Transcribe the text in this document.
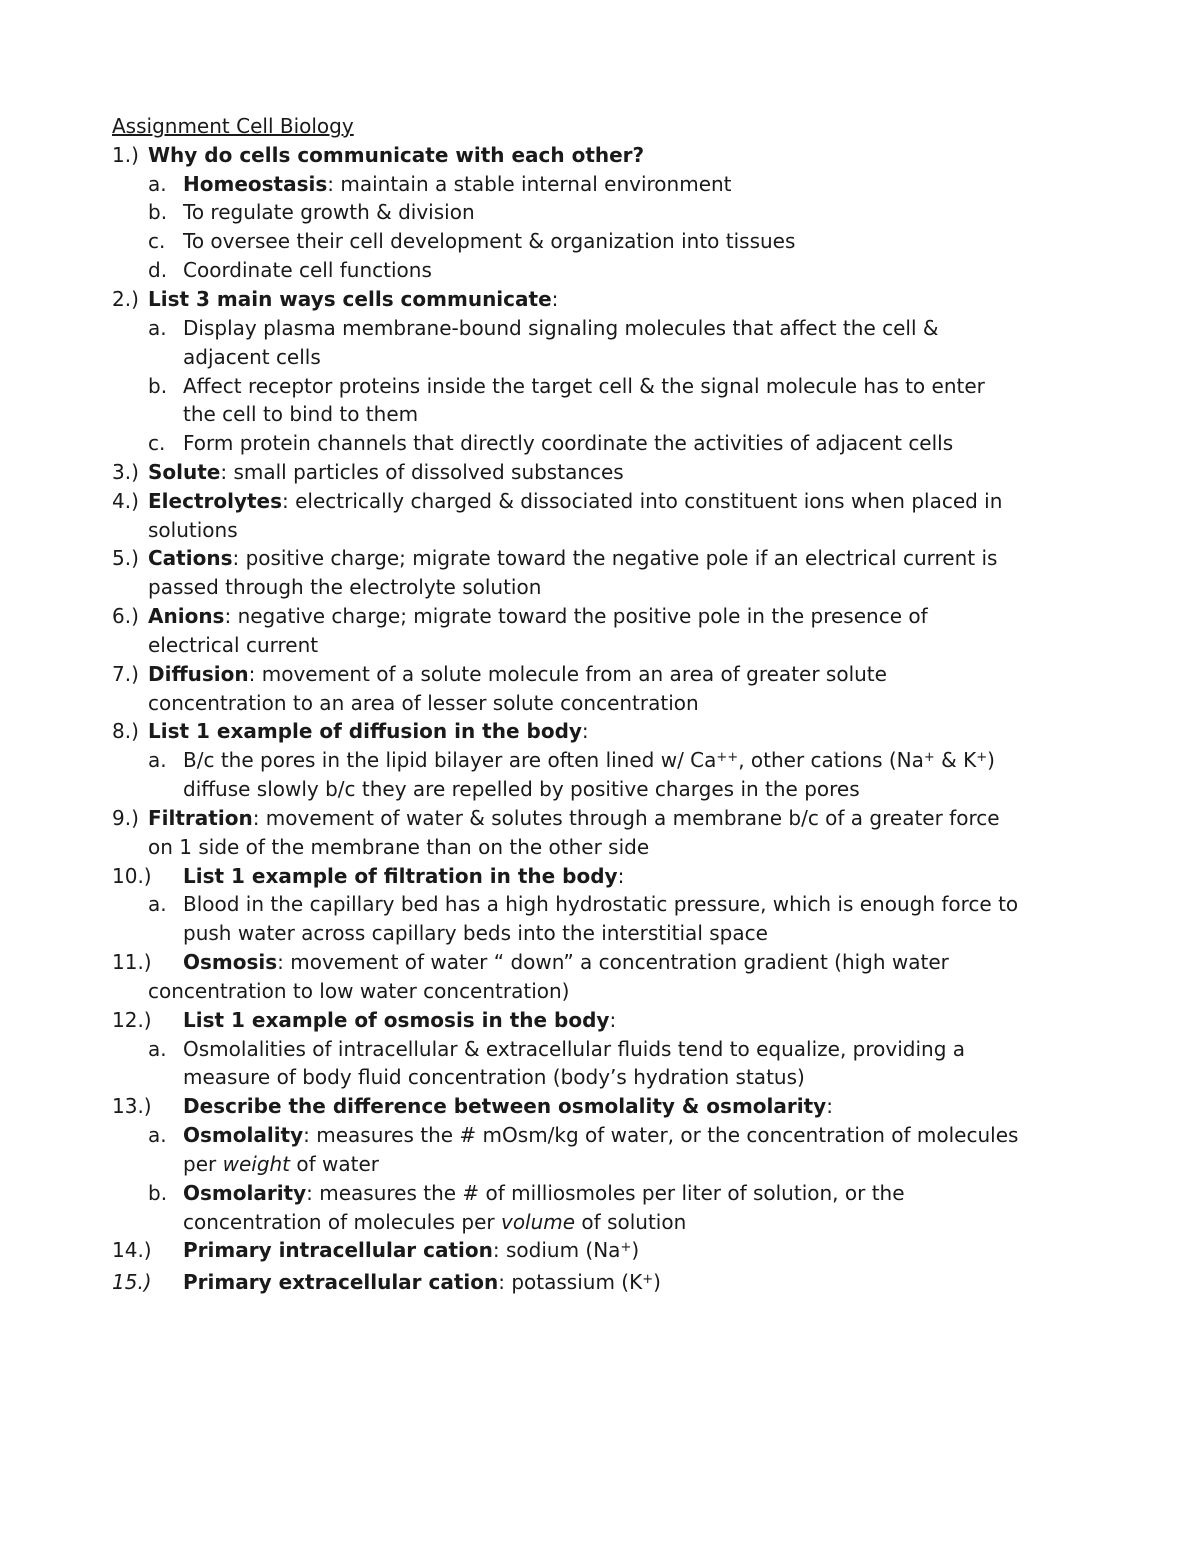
Assignment Cell Biology
1.) Why do cells communicate with each other?
a. Homeostasis: maintain a stable internal environment
b. To regulate growth & division
c. To oversee their cell development & organization into tissues
d. Coordinate cell functions
2.) List 3 main ways cells communicate:
a. Display plasma membrane-bound signaling molecules that affect the cell &
adjacent cells
b. Affect receptor proteins inside the target cell & the signal molecule has to enter
the cell to bind to them
c. Form protein channels that directly coordinate the activities of adjacent cells
3.) Solute: small particles of dissolved substances
4.) Electrolytes: electrically charged & dissociated into constituent ions when placed in
solutions
5.) Cations: positive charge; migrate toward the negative pole if an electrical current is
passed through the electrolyte solution
6.) Anions: negative charge; migrate toward the positive pole in the presence of
electrical current
7.) Diffusion: movement of a solute molecule from an area of greater solute
concentration to an area of lesser solute concentration
8.) List 1 example of diffusion in the body:
a. B/c the pores in the lipid bilayer are often lined w/ Ca++, other cations (Na+ & K+)
diffuse slowly b/c they are repelled by positive charges in the pores
9.) Filtration: movement of water & solutes through a membrane b/c of a greater force
on 1 side of the membrane than on the other side
10.) List 1 example of filtration in the body:
a. Blood in the capillary bed has a high hydrostatic pressure, which is enough force to
push water across capillary beds into the interstitial space
11.) Osmosis: movement of water “ down” a concentration gradient (high water
concentration to low water concentration)
12.) List 1 example of osmosis in the body:
a. Osmolalities of intracellular & extracellular fluids tend to equalize, providing a
measure of body fluid concentration (body’s hydration status)
13.) Describe the difference between osmolality & osmolarity:
a. Osmolality: measures the # mOsm/kg of water, or the concentration of molecules
per weight of water
b. Osmolarity: measures the # of milliosmoles per liter of solution, or the
concentration of molecules per volume of solution
14.) Primary intracellular cation: sodium (Na+)
15.) Primary extracellular cation: potassium (K+)
